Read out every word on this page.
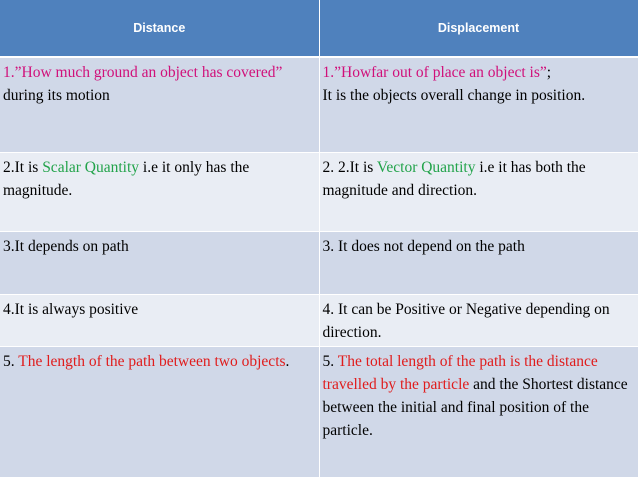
Distance	Displacement
1.”How much ground an object has covered” during its motion	1.”Howfar out of place an object is”;
It is the objects overall change in position.
2.It is Scalar Quantity i.e it only has the magnitude.	2. 2.It is Vector Quantity i.e it has both the magnitude and direction.
3.It depends on path	3. It does not depend on the path
4.It is always positive	4. It can be Positive or Negative depending on direction.
5. The length of the path between two objects.	5. The total length of the path is the distance travelled by the particle and the Shortest distance between the initial and final position of the particle.
